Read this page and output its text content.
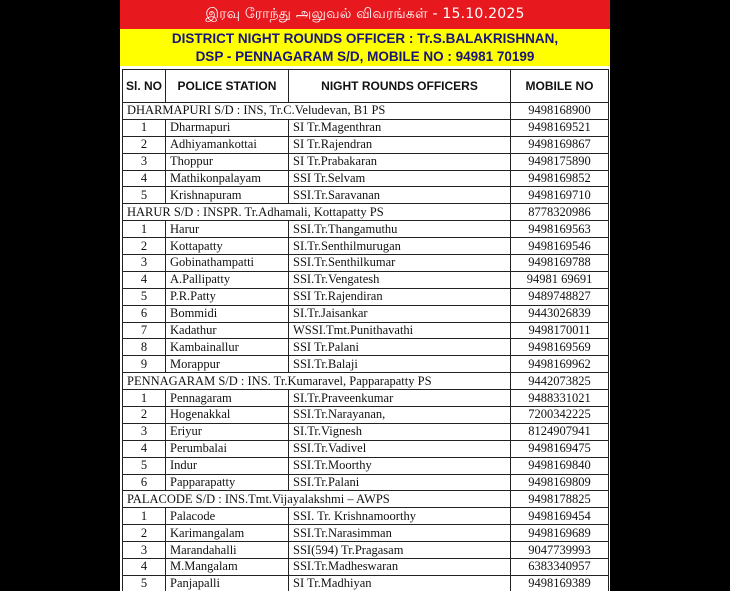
இரவு ரோந்து அலுவல் விவரங்கள் - 15.10.2025
DISTRICT NIGHT ROUNDS OFFICER : Tr.S.BALAKRISHNAN,
DSP - PENNAGARAM S/D, MOBILE NO : 94981 70199
Sl. NO	POLICE STATION	NIGHT ROUNDS OFFICERS	MOBILE NO
DHARMAPURI S/D : INS, Tr.C.Veludevan, B1 PS			9498168900
1	Dharmapuri	SI Tr.Magenthran	9498169521
2	Adhiyamankottai	SI Tr.Rajendran	9498169867
3	Thoppur	SI Tr.Prabakaran	9498175890
4	Mathikonpalayam	SSI Tr.Selvam	9498169852
5	Krishnapuram	SSI.Tr.Saravanan	9498169710
HARUR S/D : INSPR. Tr.Adhamali, Kottapatty PS			8778320986
1	Harur	SSI.Tr.Thangamuthu	9498169563
2	Kottapatty	SI.Tr.Senthilmurugan	9498169546
3	Gobinathampatti	SSI.Tr.Senthilkumar	9498169788
4	A.Pallipatty	SSI.Tr.Vengatesh	94981 69691
5	P.R.Patty	SSI Tr.Rajendiran	9489748827
6	Bommidi	SI.Tr.Jaisankar	9443026839
7	Kadathur	WSSI.Tmt.Punithavathi	9498170011
8	Kambainallur	SSI Tr.Palani	9498169569
9	Morappur	SSI.Tr.Balaji	9498169962
PENNAGARAM S/D : INS. Tr.Kumaravel, Papparapatty PS			9442073825
1	Pennagaram	SI.Tr.Praveenkumar	9488331021
2	Hogenakkal	SSI.Tr.Narayanan,	7200342225
3	Eriyur	SI.Tr.Vignesh	8124907941
4	Perumbalai	SSI.Tr.Vadivel	9498169475
5	Indur	SSI.Tr.Moorthy	9498169840
6	Papparapatty	SSI.Tr.Palani	9498169809
PALACODE S/D : INS.Tmt.Vijayalakshmi – AWPS			9498178825
1	Palacode	SSI. Tr. Krishnamoorthy	9498169454
2	Karimangalam	SSI.Tr.Narasimman	9498169689
3	Marandahalli	SSI(594) Tr.Pragasam	9047739993
4	M.Mangalam	SSI.Tr.Madheswaran	6383340957
5	Panjapalli	SI Tr.Madhiyan	9498169389
